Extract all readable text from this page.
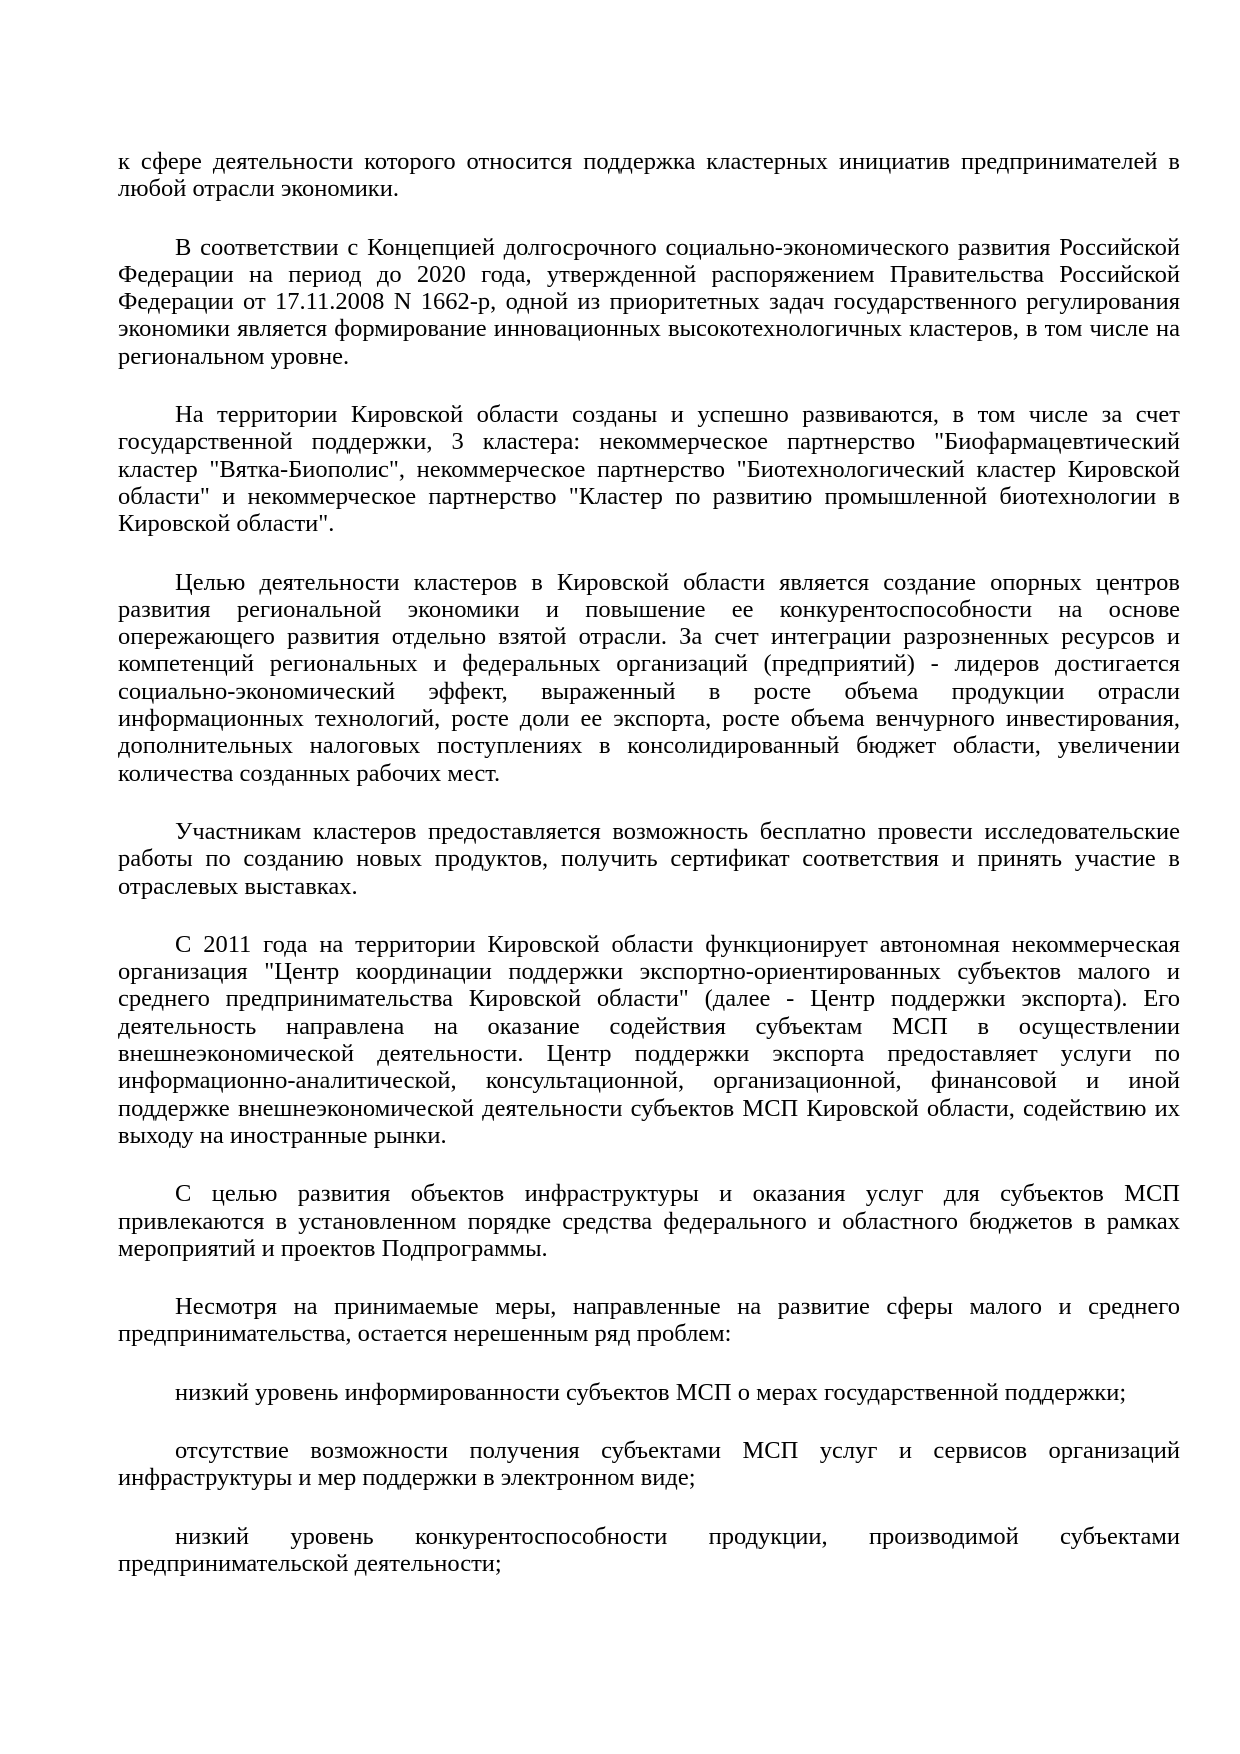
к сфере деятельности которого относится поддержка кластерных инициатив предпринимателей в любой отрасли экономики.

В соответствии с Концепцией долгосрочного социально-экономического развития Российской Федерации на период до 2020 года, утвержденной распоряжением Правительства Российской Федерации от 17.11.2008 N 1662-р, одной из приоритетных задач государственного регулирования экономики является формирование инновационных высокотехнологичных кластеров, в том числе на региональном уровне.

На территории Кировской области созданы и успешно развиваются, в том числе за счет государственной поддержки, 3 кластера: некоммерческое партнерство "Биофармацевтический кластер "Вятка-Биополис", некоммерческое партнерство "Биотехнологический кластер Кировской области" и некоммерческое партнерство "Кластер по развитию промышленной биотехнологии в Кировской области".

Целью деятельности кластеров в Кировской области является создание опорных центров развития региональной экономики и повышение ее конкурентоспособности на основе опережающего развития отдельно взятой отрасли. За счет интеграции разрозненных ресурсов и компетенций региональных и федеральных организаций (предприятий) - лидеров достигается социально-экономический эффект, выраженный в росте объема продукции отрасли информационных технологий, росте доли ее экспорта, росте объема венчурного инвестирования, дополнительных налоговых поступлениях в консолидированный бюджет области, увеличении количества созданных рабочих мест.

Участникам кластеров предоставляется возможность бесплатно провести исследовательские работы по созданию новых продуктов, получить сертификат соответствия и принять участие в отраслевых выставках.

С 2011 года на территории Кировской области функционирует автономная некоммерческая организация "Центр координации поддержки экспортно-ориентированных субъектов малого и среднего предпринимательства Кировской области" (далее - Центр поддержки экспорта). Его деятельность направлена на оказание содействия субъектам МСП в осуществлении внешнеэкономической деятельности. Центр поддержки экспорта предоставляет услуги по информационно-аналитической, консультационной, организационной, финансовой и иной поддержке внешнеэкономической деятельности субъектов МСП Кировской области, содействию их выходу на иностранные рынки.

С целью развития объектов инфраструктуры и оказания услуг для субъектов МСП привлекаются в установленном порядке средства федерального и областного бюджетов в рамках мероприятий и проектов Подпрограммы.

Несмотря на принимаемые меры, направленные на развитие сферы малого и среднего предпринимательства, остается нерешенным ряд проблем:

низкий уровень информированности субъектов МСП о мерах государственной поддержки;

отсутствие возможности получения субъектами МСП услуг и сервисов организаций инфраструктуры и мер поддержки в электронном виде;

низкий уровень конкурентоспособности продукции, производимой субъектами предпринимательской деятельности;
